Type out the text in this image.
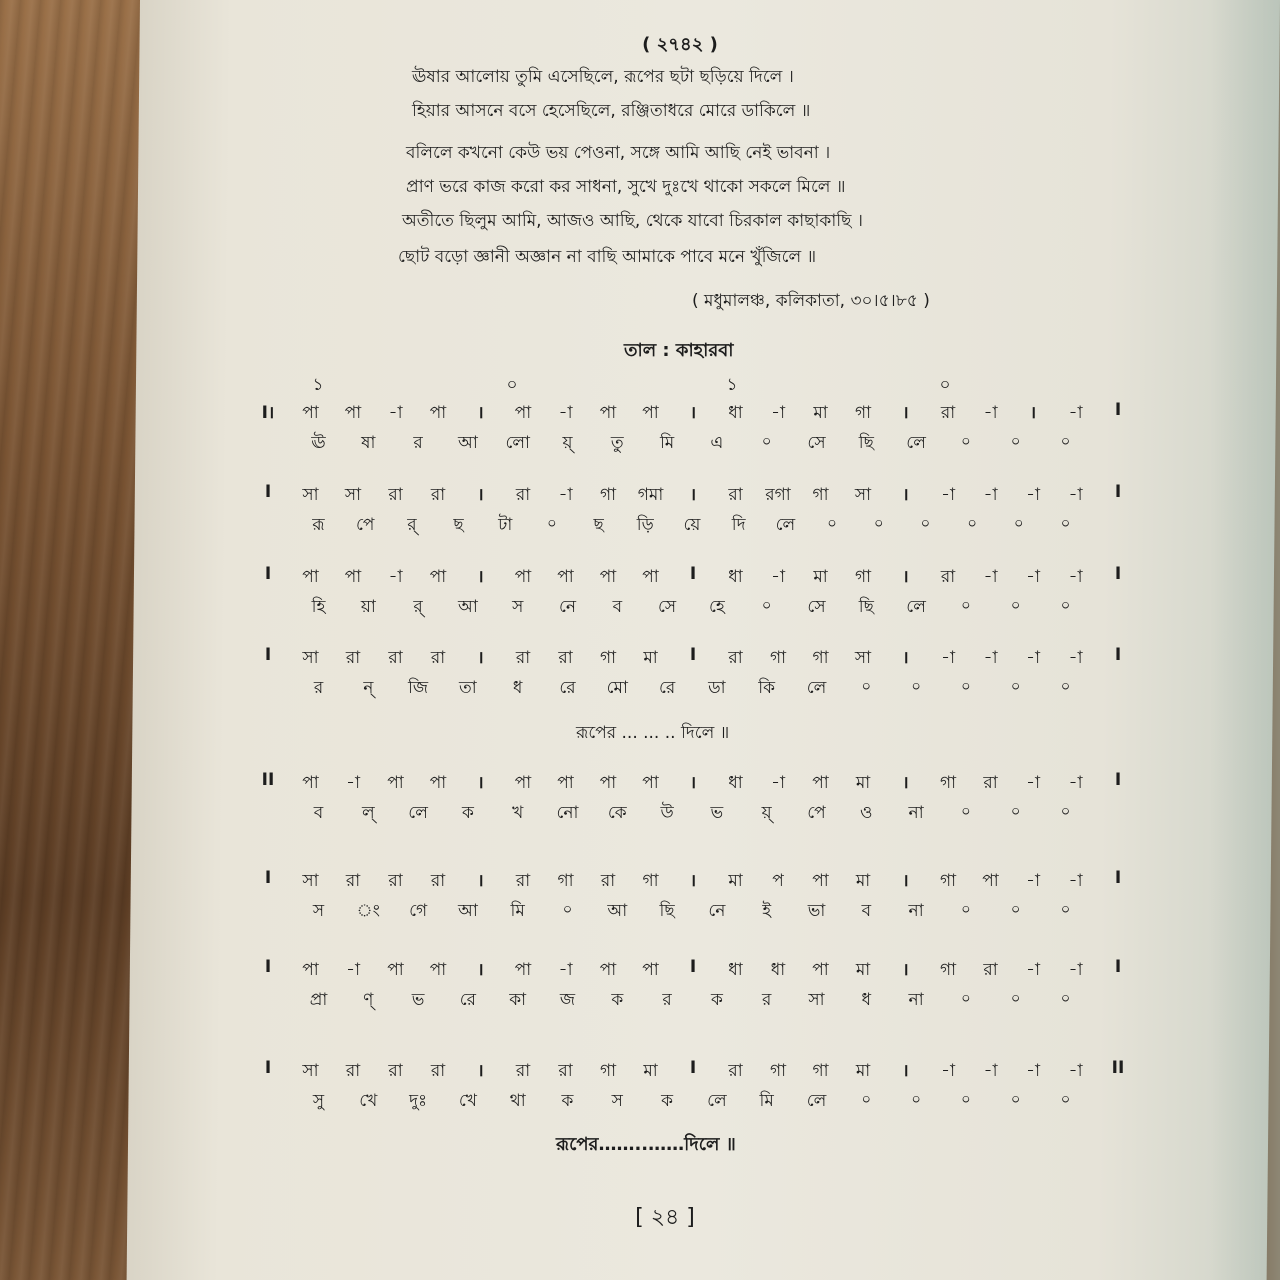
( ২৭৪২ )
ঊষার আলোয় তুমি এসেছিলে, রূপের ছটা ছড়িয়ে দিলে ।
হিয়ার আসনে বসে হেসেছিলে, রঞ্জিতাধরে মোরে ডাকিলে ॥
বলিলে কখনো কেউ ভয় পেওনা, সঙ্গে আমি আছি নেই ভাবনা ।
প্রাণ ভরে কাজ করো কর সাধনা, সুখে দুঃখে থাকো সকলে মিলে ॥
অতীতে ছিলুম আমি, আজও আছি, থেকে যাবো চিরকাল কাছাকাছি ।
ছোট বড়ো জ্ঞানী অজ্ঞান না বাছি আমাকে পাবে মনে খুঁজিলে ॥
( মধুমালঞ্চ, কলিকাতা, ৩০।৫।৮৫ )
তাল : কাহারবা
১	০	১	০
I। পা পা -া পা । পা -া পা পা । ধা -া মা গা । রা -া । -া I
ঊ ষা র আ লো য়্ তু মি এ	০ সে ছি লে ০	০	০
I সা সা রা রা । রা -া গা গমা । রা রগা গা সা । -া -া -া -া I
রূ পে র্ ছ টা ০ ছ ড়ি য়ে দি লে ০ ০ ০ ০ ০ ০
I পা পা -া পা । পা পা পা পা I ধা -া মা গা । রা -া -া -া I
হি য়া র্ আ স নে ব সে হে ০ সে ছি লে ০	০	০
I সা রা রা রা । রা রা গা মা I রা গা গা সা । -া -া -া -া I
র ন্ জি তা ধ রে মো রে ডা কি লে ০	০	০	০	০
II পা -া পা পা । পা পা পা পা । ধা -া পা মা । গা রা -া -া I
ব ল্ লে ক খ নো কে উ ভ য়্ পে ও না ০	০	০
I সা রা রা রা । রা গা রা গা । মা প পা মা । গা পা -া -া I
স ং গে আ মি	০ আ ছি নে ই ভা ব না ০	০	০
I পা -া পা পা । পা -া পা পা I ধা ধা পা মা । গা রা -া -া I
প্রা ণ্ ভ রে কা জ ক র ক র সা ধ না ০	০	০
I সা রা রা রা । রা রা গা মা I রা গা গা মা । -া -া -া -া II
সু খে দুঃ খে থা ক স ক লে মি লে ০	০	০	০	০
রূপের ... ... .. দিলে ॥
রূপের……..……দিলে ॥
[ ২৪ ]
